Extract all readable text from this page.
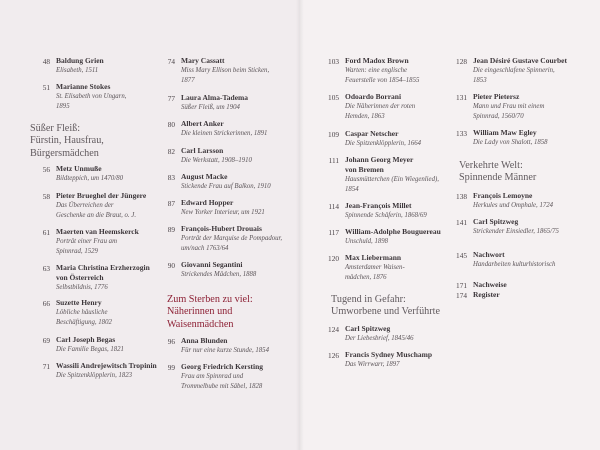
48 Baldung Grien
Elisabeth, 1511
51 Marianne Stokes
St. Elisabeth von Ungarn,
1895
Süßer Fleiß:
Fürstin, Hausfrau,
Bürgersmädchen
56 Metz Unmuße
Bildteppich, um 1470/80
58 Pieter Brueghel der Jüngere
Das Überreichen der
Geschenke an die Braut, o. J.
61 Maerten van Heemskerck
Porträt einer Frau am
Spinnrad, 1529
63 Maria Christina Erzherzogin
von Österreich
Selbstbildnis, 1776
66 Suzette Henry
Löbliche häusliche
Beschäftigung, 1802
69 Carl Joseph Begas
Die Familie Begas, 1821
71 Wassili Andrejewitsch Tropinin
Die Spitzenklöpplerin, 1823
74 Mary Cassatt
Miss Mary Ellison beim Sticken,
1877
77 Laura Alma-Tadema
Süßer Fleiß, um 1904
80 Albert Anker
Die kleinen Strickerinnen, 1891
82 Carl Larsson
Die Werkstatt, 1908–1910
83 August Macke
Stickende Frau auf Balkon, 1910
87 Edward Hopper
New Yorker Interieur, um 1921
89 François-Hubert Drouais
Porträt der Marquise de Pompadour,
um/nach 1763/64
90 Giovanni Segantini
Strickendes Mädchen, 1888
Zum Sterben zu viel:
Näherinnen und
Waisenmädchen
96 Anna Blunden
Für nur eine kurze Stunde, 1854
99 Georg Friedrich Kersting
Frau am Spinnrad und
Trommelbube mit Säbel, 1828
103 Ford Madox Brown
Warten: eine englische
Feuerstelle von 1854–1855
105 Odoardo Borrani
Die Näherinnen der roten
Hemden, 1863
109 Caspar Netscher
Die Spitzenklöpplerin, 1664
111 Johann Georg Meyer
von Bremen
Hausmütterchen (Ein Wiegenlied),
1854
114 Jean-François Millet
Spinnende Schäferin, 1868/69
117 William-Adolphe Bouguereau
Unschuld, 1898
120 Max Liebermann
Amsterdamer Waisen-
mädchen, 1876
Tugend in Gefahr:
Umworbene und Verführte
124 Carl Spitzweg
Der Liebesbrief, 1845/46
126 Francis Sydney Muschamp
Das Wirrwarr, 1897
128 Jean Désiré Gustave Courbet
Die eingeschlafene Spinnerin,
1853
131 Pieter Pietersz
Mann und Frau mit einem
Spinnrad, 1560/70
133 William Maw Egley
Die Lady von Shalott, 1858
Verkehrte Welt:
Spinnende Männer
138 François Lemoyne
Herkules und Omphale, 1724
141 Carl Spitzweg
Strickender Einsiedler, 1865/75
145 Nachwort
Handarbeiten kulturhistorisch
171 Nachweise
174 Register
